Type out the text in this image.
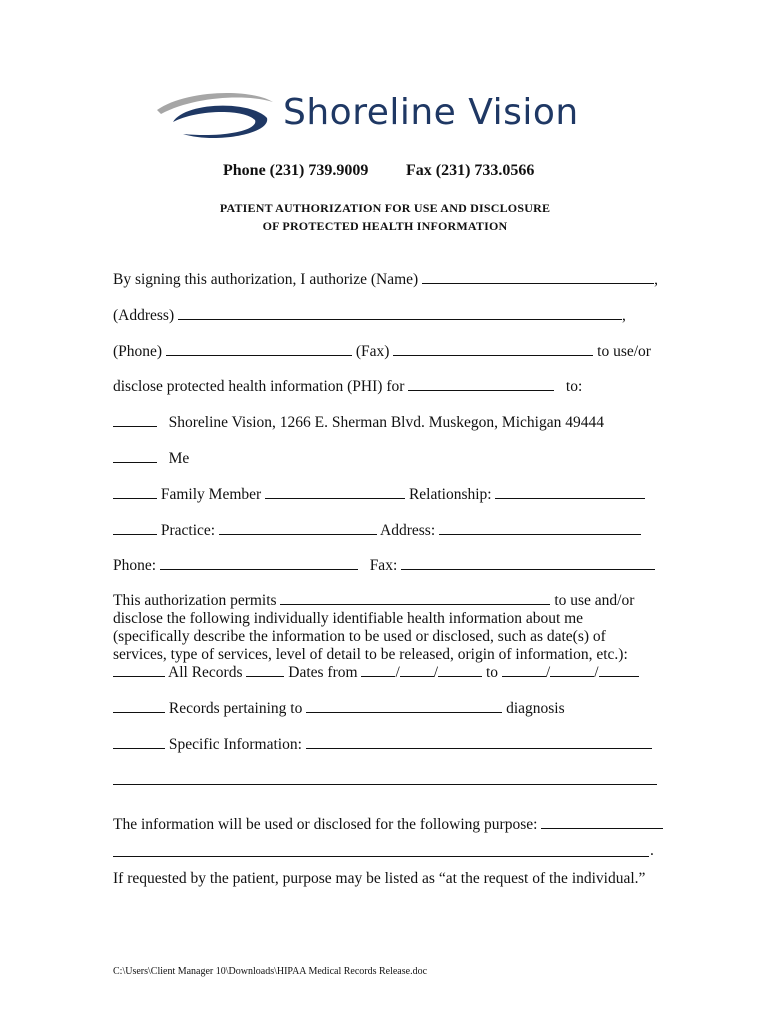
Shoreline Vision
Phone (231) 739.9009 Fax (231) 733.0566
PATIENT AUTHORIZATION FOR USE AND DISCLOSURE
OF PROTECTED HEALTH INFORMATION
By signing this authorization, I authorize (Name)	,
(Address)	,
(Phone)	(Fax)	to use/or
disclose protected health information (PHI) for	to:
Shoreline Vision, 1266 E. Sherman Blvd. Muskegon, Michigan 49444
Me
Family Member	Relationship:
Practice:	Address:
Phone:	Fax:
This authorization permits	to use and/or disclose the following individually identifiable health information about me (specifically describe the information to be used or disclosed, such as date(s) of services, type of services, level of detail to be released, origin of information, etc.):
All Records	Dates from / /	to	/	/
Records pertaining to	diagnosis
Specific Information:
The information will be used or disclosed for the following purpose:
.
If requested by the patient, purpose may be listed as “at the request of the individual.”
C:\Users\Client Manager 10\Downloads\HIPAA Medical Records Release.doc
